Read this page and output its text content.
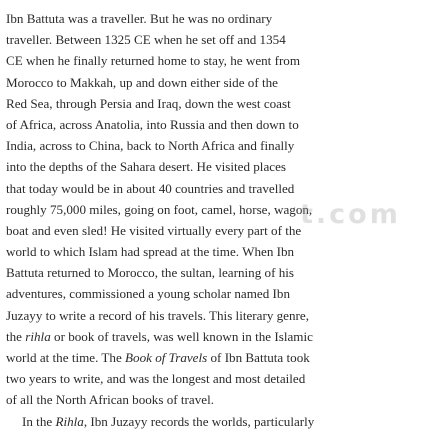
Ibn Battuta was a traveller. But he was no ordinary
traveller. Between 1325 CE when he set off and 1354
CE when he finally returned home to stay, he went from
Morocco to Makkah, up and down either side of the
Red Sea, through Persia and Iraq, down the west coast
of Africa, across Anatolia, into Russia and then down to
India, across to China, back to North Africa and finally
into the depths of the Sahara desert. He visited places
that today would be in about 40 countries and travelled
roughly 75,000 miles, going on foot, camel, horse, wagon,
boat and even sled! He visited virtually every part of the
world to which Islam had spread at the time. When Ibn
Battuta returned to Morocco, the sultan, learning of his
adventures, commissioned a young scholar named Ibn
Juzayy to write a record of his travels. This literary genre,
the rihla or book of travels, was well known in the Islamic
world at the time. The Book of Travels of Ibn Battuta took
two years to write, and was the longest and most detailed
of all the North African books of travel.
In the Rihla, Ibn Juzayy records the worlds, particularly
t.com
